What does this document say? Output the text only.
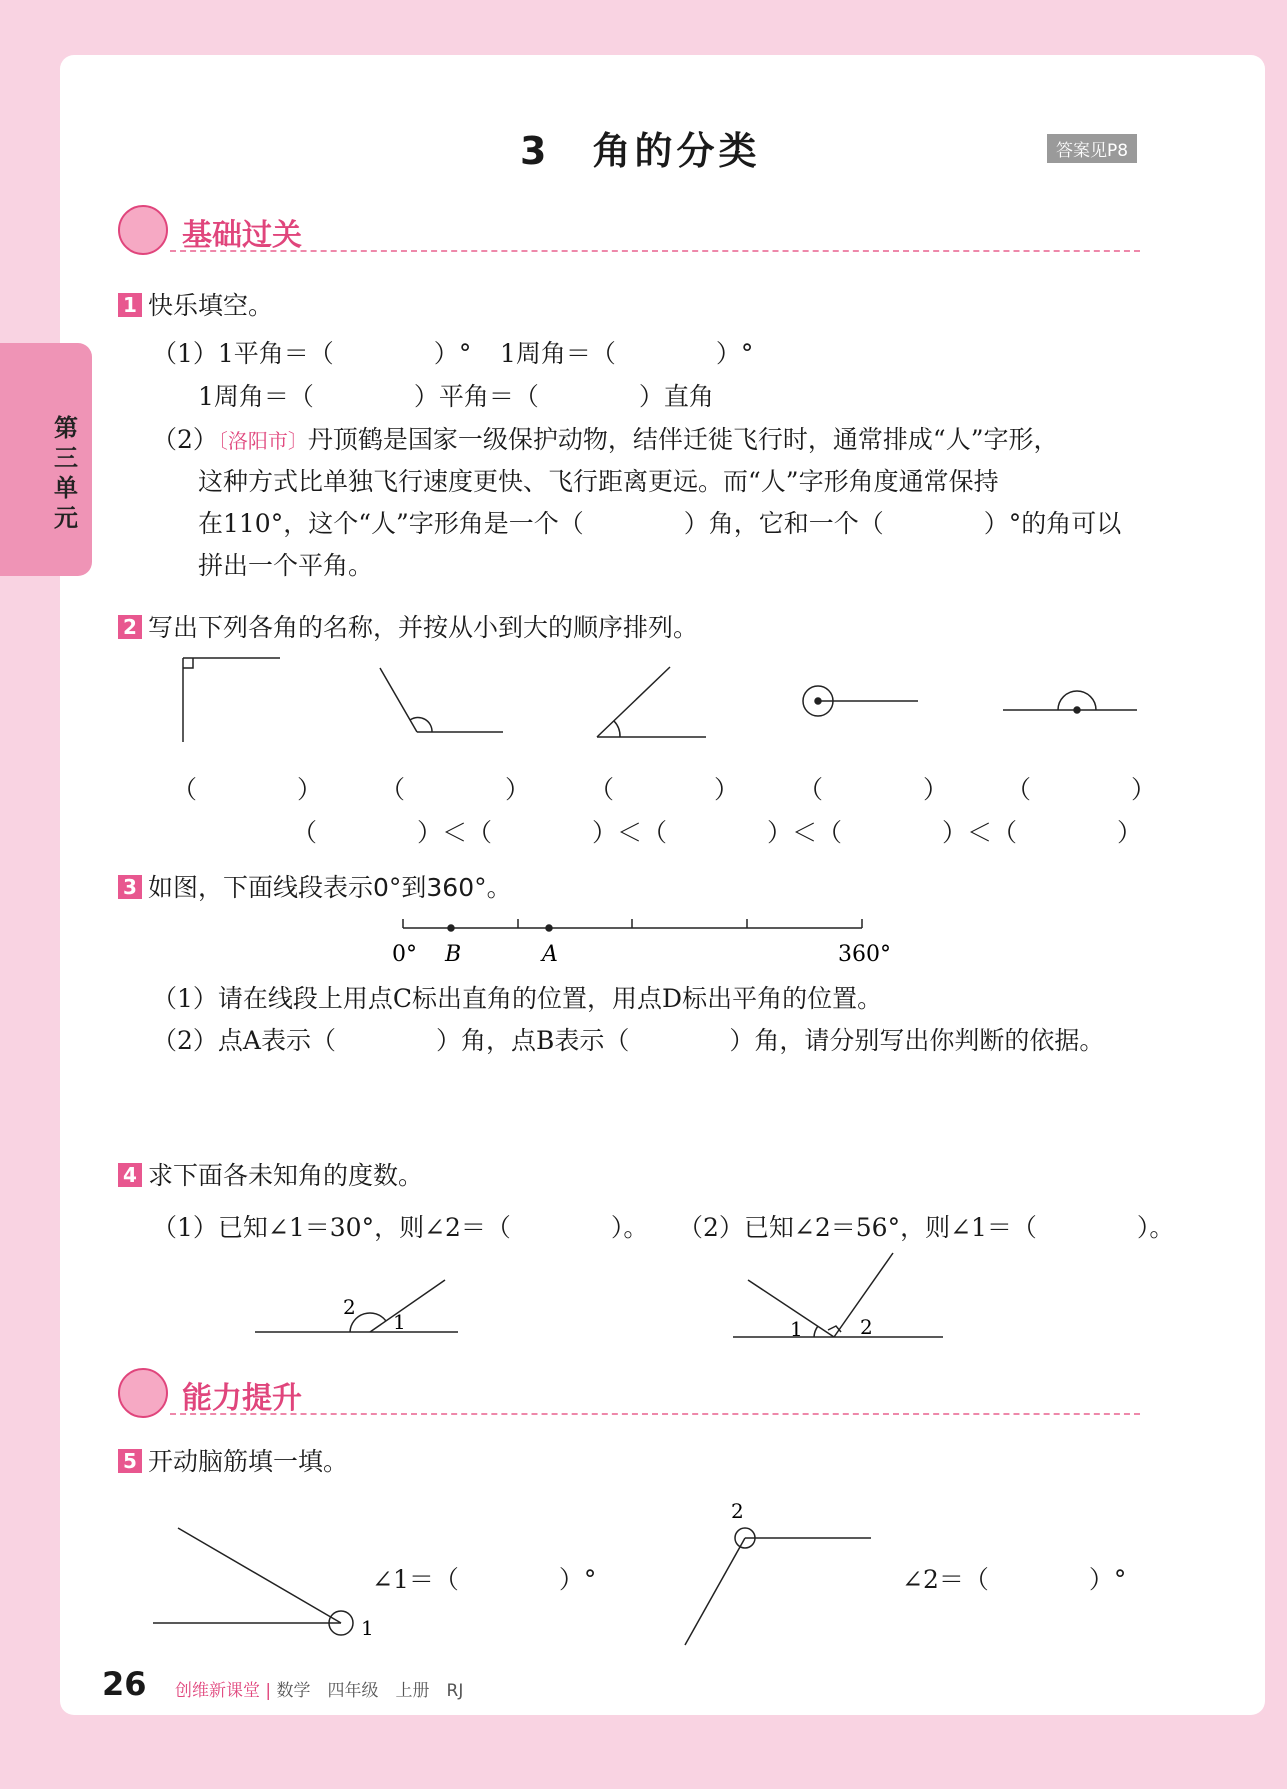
第三单元
3　角的分类	答案见P8
基础过关
1 快乐填空。
（1）1平角＝（　　　　）° 1周角＝（　　　　）°
1周角＝（　　　　）平角＝（　　　　）直角
（2）〔洛阳市〕丹顶鹤是国家一级保护动物，结伴迁徙飞行时，通常排成“人”字形，
这种方式比单独飞行速度更快、飞行距离更远。而“人”字形角度通常保持
在110°，这个“人”字形角是一个（　　　　）角，它和一个（　　　　）°的角可以
拼出一个平角。
2 写出下列各角的名称，并按从小到大的顺序排列。
0° B	A	360°
2
1	1	2
1
2
（　　　　） （　　　　） （　　　　） （　　　　） （　　　　）
（　　　　）＜（　　　　）＜（　　　　）＜（　　　　）＜（　　　　）
3 如图，下面线段表示0°到360°。
（1）请在线段上用点C标出直角的位置，用点D标出平角的位置。
（2）点A表示（　　　　）角，点B表示（　　　　）角，请分别写出你判断的依据。
4 求下面各未知角的度数。
（1）已知∠1＝30°，则∠2＝（　　　　）。 （2）已知∠2＝56°，则∠1＝（　　　　）。
能力提升
5 开动脑筋填一填。
∠1＝（　　　　）°	∠2＝（　　　　）°
26 创维新课堂 | 数学　四年级　上册　RJ
